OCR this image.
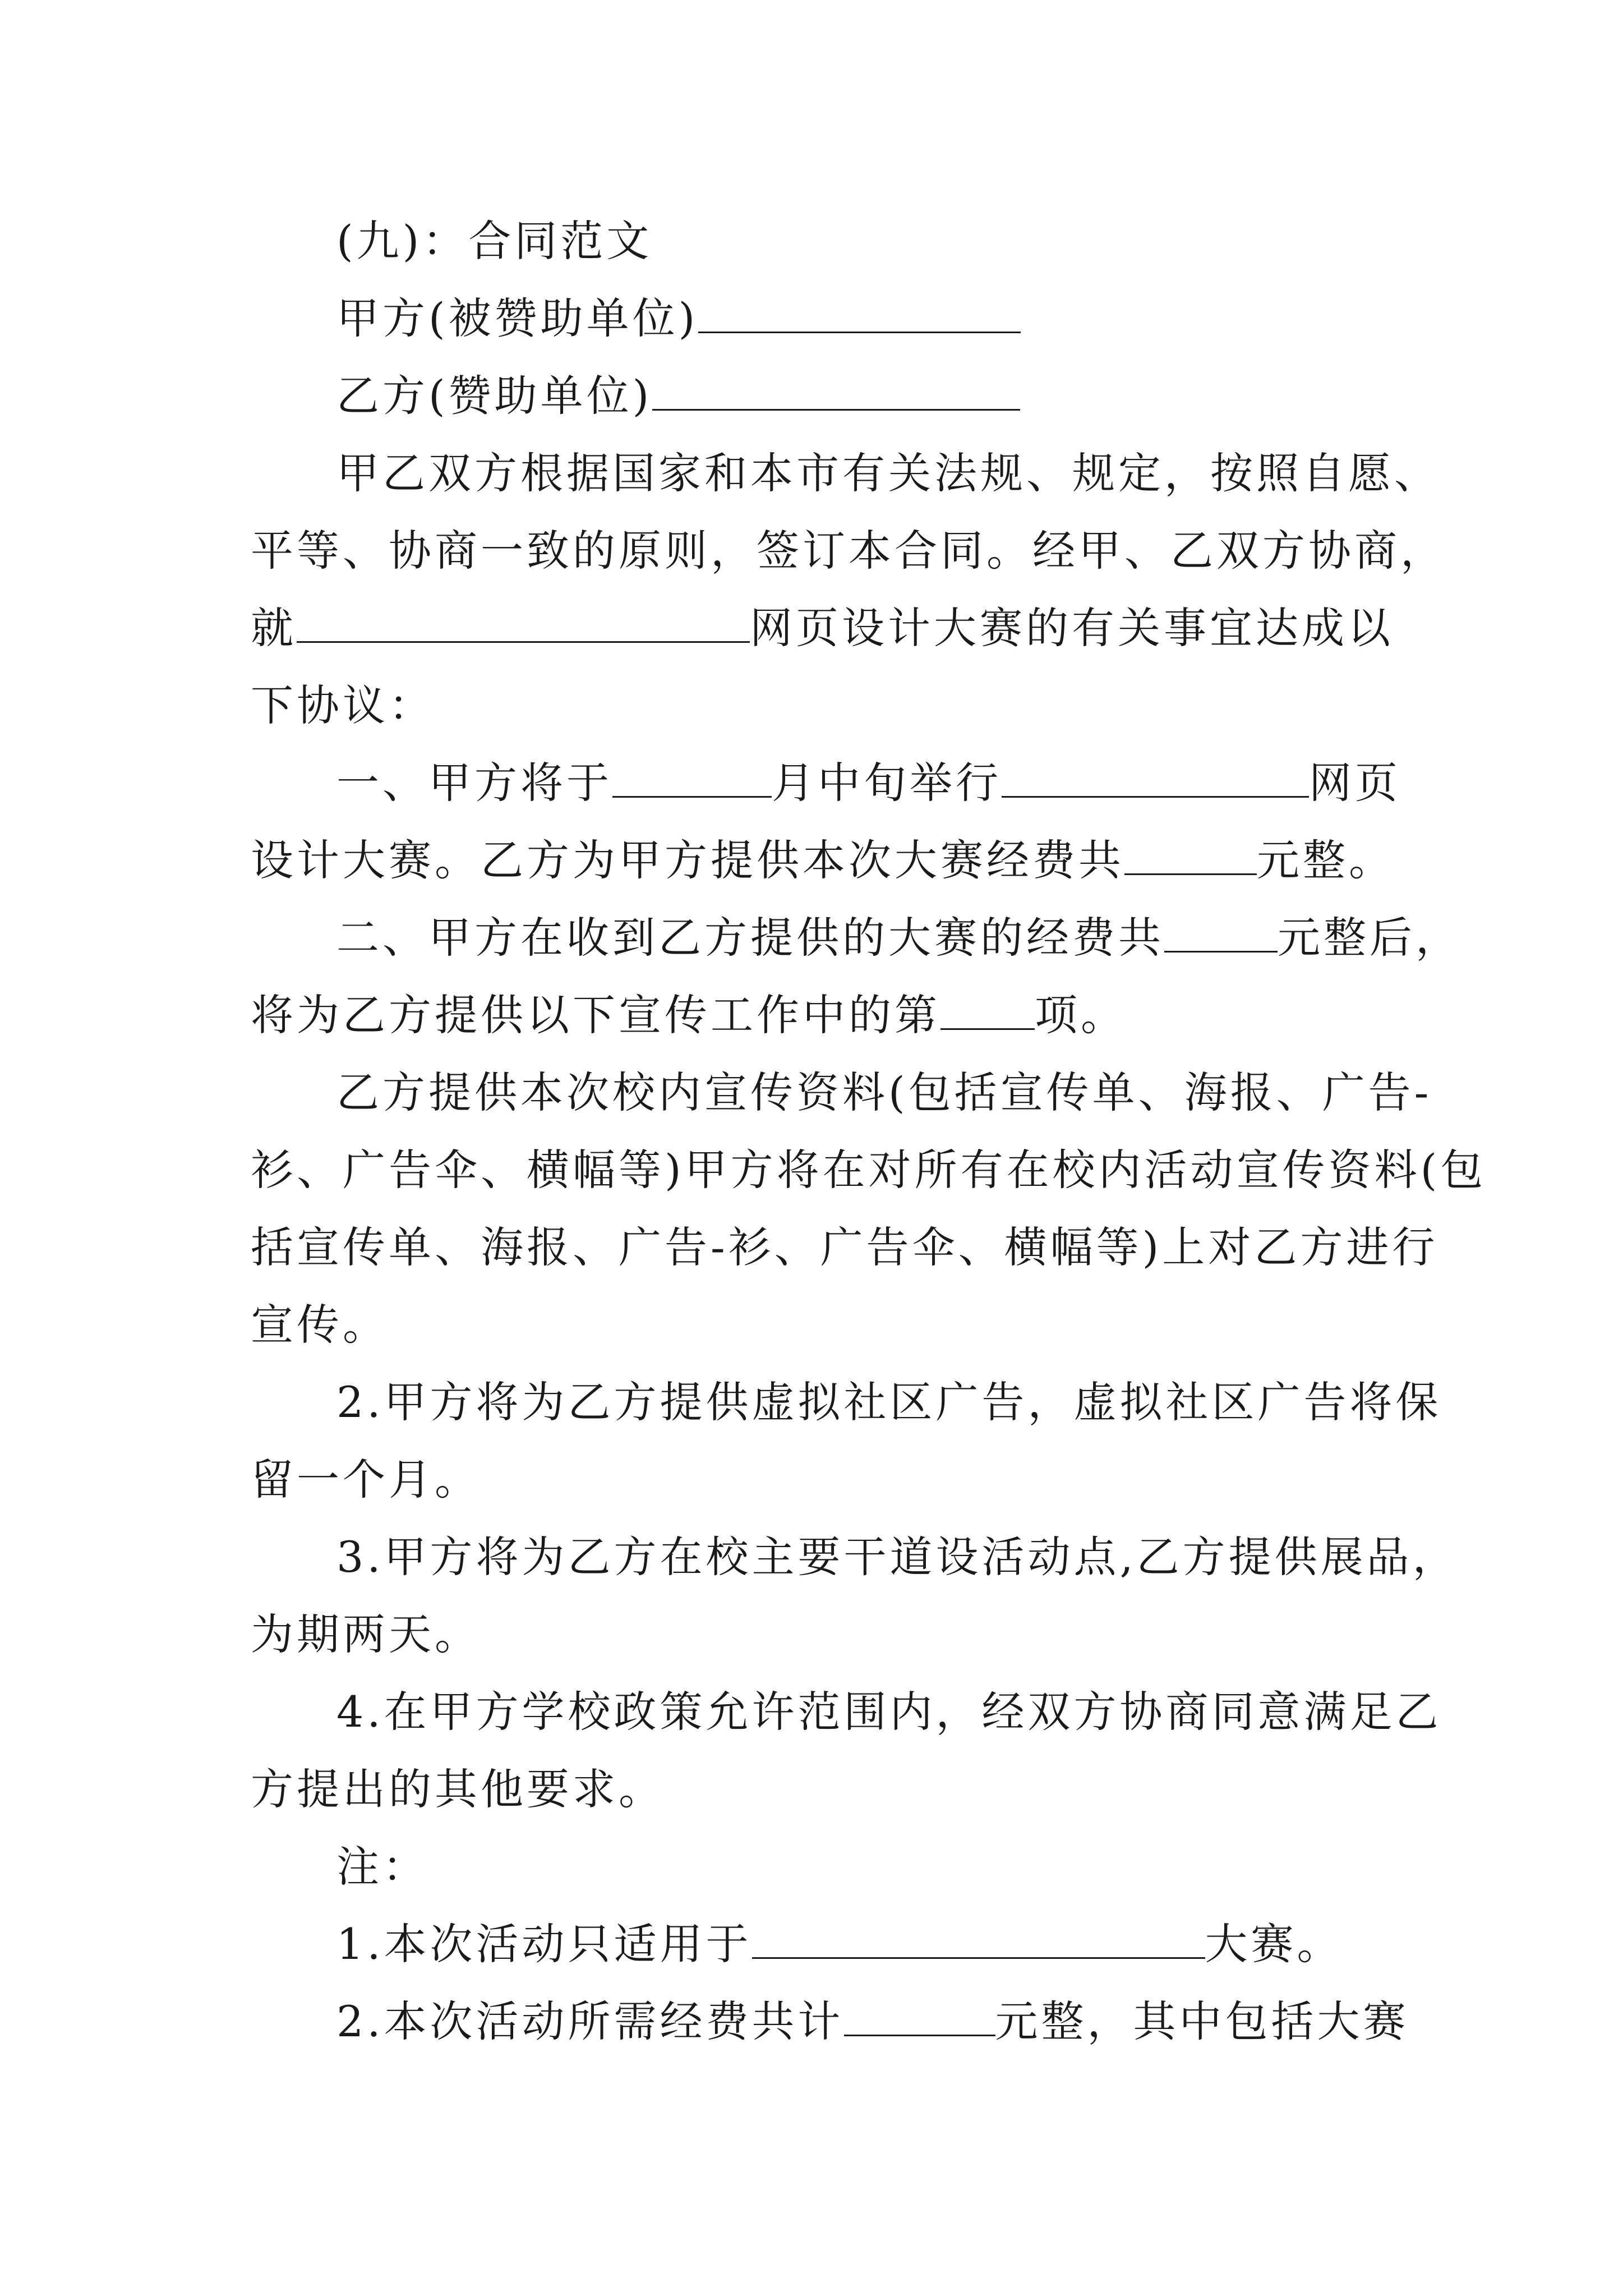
(九)：合同范文
甲方(被赞助单位)
乙方(赞助单位)
甲乙双方根据国家和本市有关法规、规定，按照自愿、
平等、协商一致的原则，签订本合同。经甲、乙双方协商，
就	网页设计大赛的有关事宜达成以
下协议：
一、甲方将于	月中旬举行	网页
设计大赛。乙方为甲方提供本次大赛经费共	元整。
二、甲方在收到乙方提供的大赛的经费共	元整后，
将为乙方提供以下宣传工作中的第 项。
乙方提供本次校内宣传资料(包括宣传单、海报、广告-
衫、广告伞、横幅等)甲方将在对所有在校内活动宣传资料(包
括宣传单、海报、广告-衫、广告伞、横幅等)上对乙方进行
宣传。
2.甲方将为乙方提供虚拟社区广告，虚拟社区广告将保
留一个月。
3.甲方将为乙方在校主要干道设活动点,乙方提供展品，
为期两天。
4.在甲方学校政策允许范围内，经双方协商同意满足乙
方提出的其他要求。
注：
1.本次活动只适用于	大赛。
2.本次活动所需经费共计	元整，其中包括大赛
